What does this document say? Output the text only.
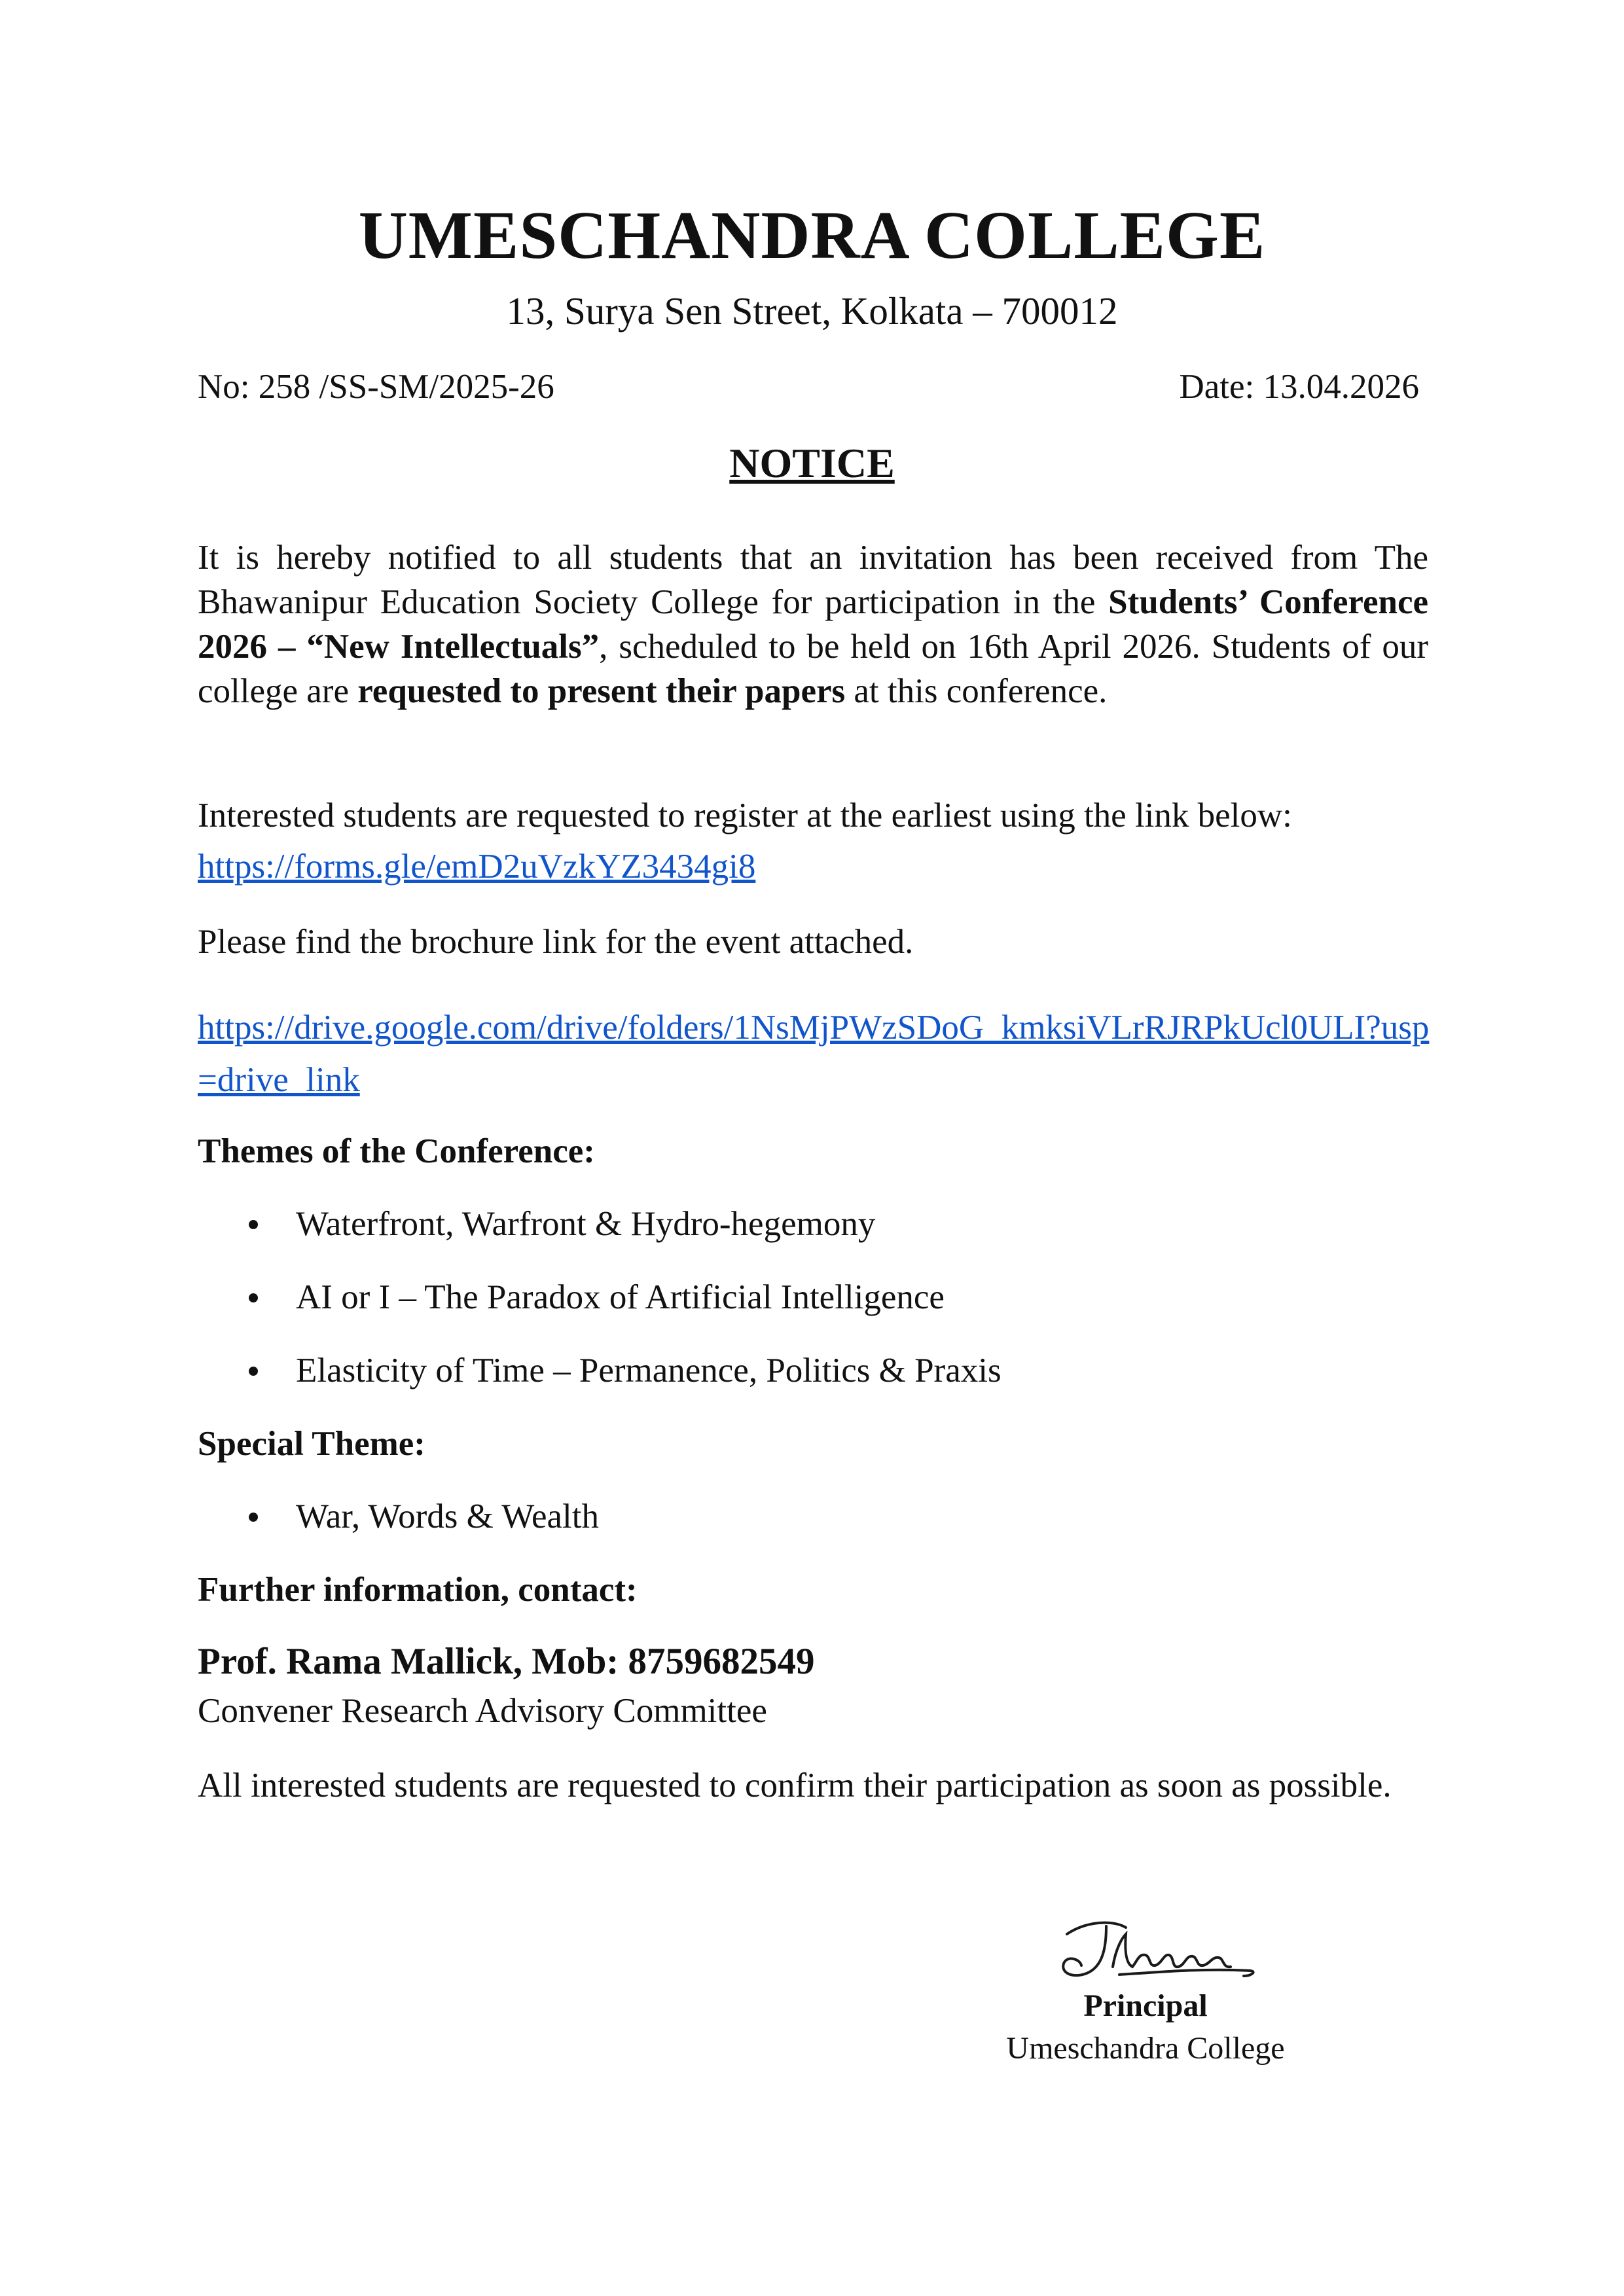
UMESCHANDRA COLLEGE
13, Surya Sen Street, Kolkata – 700012
No: 258 /SS-SM/2025-26	Date: 13.04.2026
NOTICE

It is hereby notified to all students that an invitation has been received from The Bhawanipur Education Society College for participation in the Students’ Conference 2026 – “New Intellectuals”, scheduled to be held on 16th April 2026. Students of our college are requested to present their papers at this conference.

Interested students are requested to register at the earliest using the link below:

https://forms.gle/emD2uVzkYZ3434gi8

Please find the brochure link for the event attached.

https://drive.google.com/drive/folders/1NsMjPWzSDoG_kmksiVLrRJRPkUcl0ULI?usp=drive_link
Themes of the Conference:
Waterfront, Warfront & Hydro-hegemony
AI or I – The Paradox of Artificial Intelligence
Elasticity of Time – Permanence, Politics & Praxis
Special Theme:
War, Words & Wealth
Further information, contact:
Prof. Rama Mallick, Mob: 8759682549
Convener Research Advisory Committee

All interested students are requested to confirm their participation as soon as possible.

Principal
Umeschandra College
